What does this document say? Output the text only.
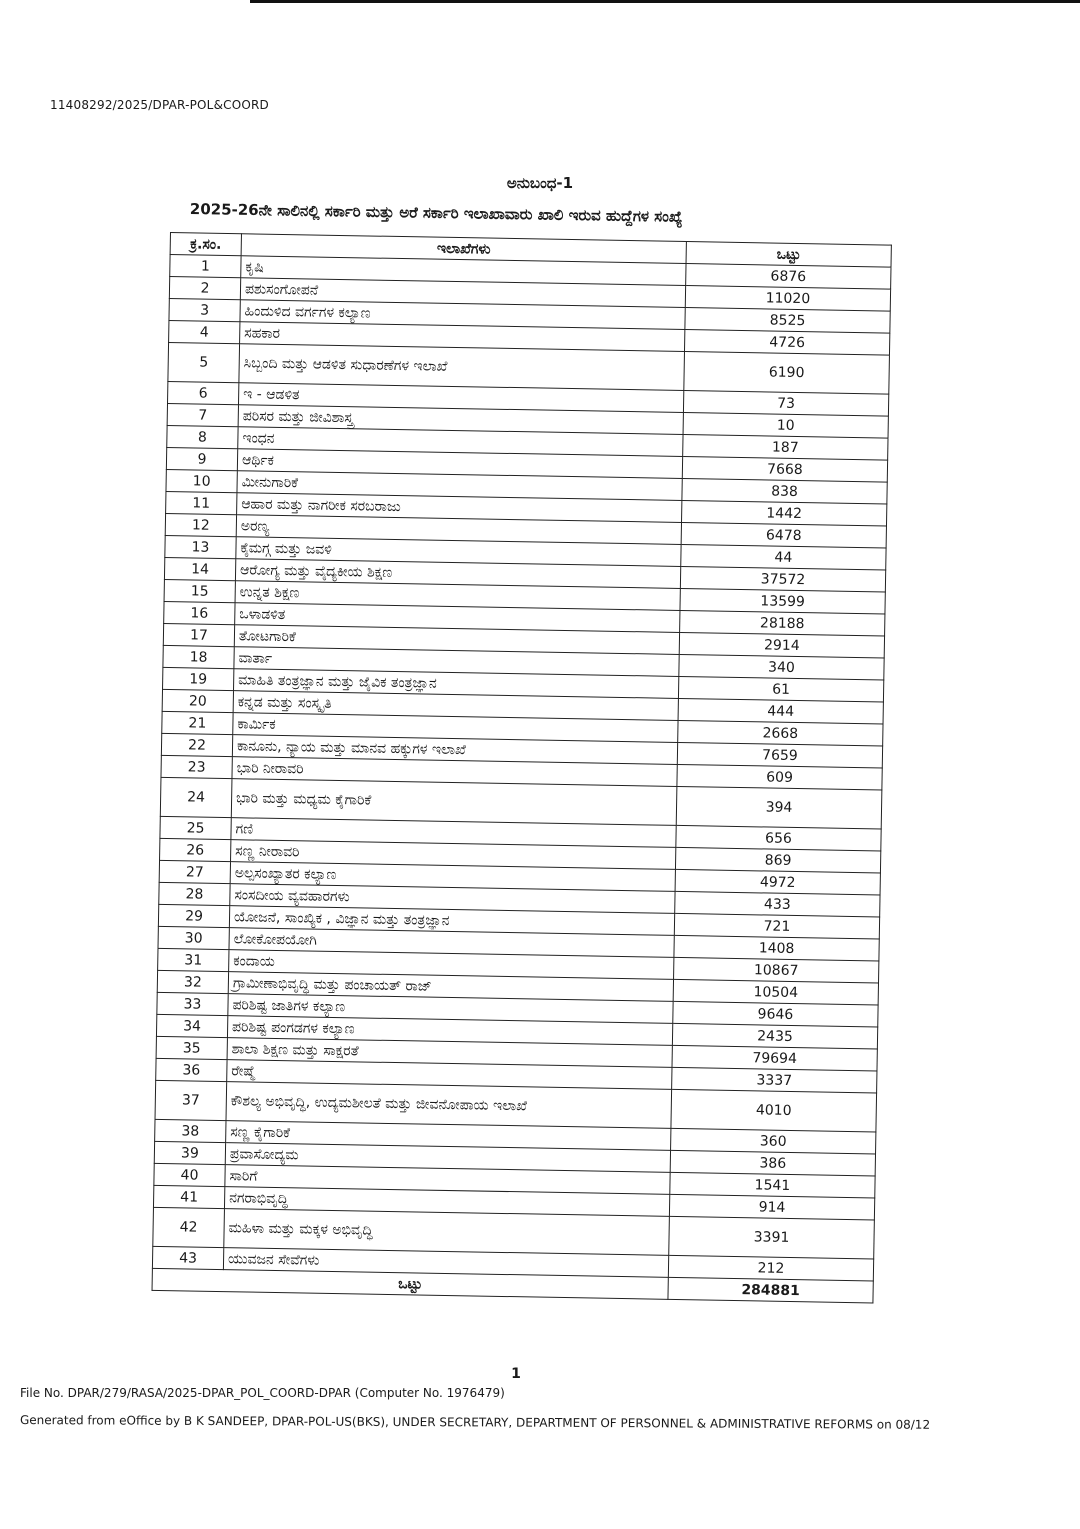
11408292/2025/DPAR-POL&COORD
ಅನುಬಂಧ-1
2025-26ನೇ ಸಾಲಿನಲ್ಲಿ ಸರ್ಕಾರಿ ಮತ್ತು ಅರೆ ಸರ್ಕಾರಿ ಇಲಾಖಾವಾರು ಖಾಲಿ ಇರುವ ಹುದ್ದೆಗಳ ಸಂಖ್ಯೆ
ಕ್ರ.ಸಂ.	ಇಲಾಖೆಗಳು	ಒಟ್ಟು
1	ಕೃಷಿ	6876
2	ಪಶುಸಂಗೋಪನೆ	11020
3	ಹಿಂದುಳಿದ ವರ್ಗಗಳ ಕಲ್ಯಾಣ	8525
4	ಸಹಕಾರ	4726
5	ಸಿಬ್ಬಂದಿ ಮತ್ತು ಆಡಳಿತ ಸುಧಾರಣೆಗಳ ಇಲಾಖೆ	6190
6	ಇ - ಆಡಳಿತ	73
7	ಪರಿಸರ ಮತ್ತು ಜೀವಿಶಾಸ್ತ್ರ	10
8	ಇಂಧನ	187
9	ಆರ್ಥಿಕ	7668
10	ಮೀನುಗಾರಿಕೆ	838
11	ಆಹಾರ ಮತ್ತು ನಾಗರೀಕ ಸರಬರಾಜು	1442
12	ಅರಣ್ಯ	6478
13	ಕೈಮಗ್ಗ ಮತ್ತು ಜವಳಿ	44
14	ಆರೋಗ್ಯ ಮತ್ತು ವೈದ್ಯಕೀಯ ಶಿಕ್ಷಣ	37572
15	ಉನ್ನತ ಶಿಕ್ಷಣ	13599
16	ಒಳಾಡಳಿತ	28188
17	ತೋಟಗಾರಿಕೆ	2914
18	ವಾರ್ತಾ	340
19	ಮಾಹಿತಿ ತಂತ್ರಜ್ಞಾನ ಮತ್ತು ಜೈವಿಕ ತಂತ್ರಜ್ಞಾನ	61
20	ಕನ್ನಡ ಮತ್ತು ಸಂಸ್ಕೃತಿ	444
21	ಕಾರ್ಮಿಕ	2668
22	ಕಾನೂನು, ನ್ಯಾಯ ಮತ್ತು ಮಾನವ ಹಕ್ಕುಗಳ ಇಲಾಖೆ	7659
23	ಭಾರಿ ನೀರಾವರಿ	609
24	ಭಾರಿ ಮತ್ತು ಮಧ್ಯಮ ಕೈಗಾರಿಕೆ	394
25	ಗಣಿ	656
26	ಸಣ್ಣ ನೀರಾವರಿ	869
27	ಅಲ್ಪಸಂಖ್ಯಾತರ ಕಲ್ಯಾಣ	4972
28	ಸಂಸದೀಯ ವ್ಯವಹಾರಗಳು	433
29	ಯೋಜನೆ, ಸಾಂಖ್ಯಿಕ , ವಿಜ್ಞಾನ ಮತ್ತು ತಂತ್ರಜ್ಞಾನ	721
30	ಲೋಕೋಪಯೋಗಿ	1408
31	ಕಂದಾಯ	10867
32	ಗ್ರಾಮೀಣಾಭಿವೃದ್ಧಿ ಮತ್ತು ಪಂಚಾಯತ್ ರಾಜ್	10504
33	ಪರಿಶಿಷ್ಟ ಜಾತಿಗಳ ಕಲ್ಯಾಣ	9646
34	ಪರಿಶಿಷ್ಟ ಪಂಗಡಗಳ ಕಲ್ಯಾಣ	2435
35	ಶಾಲಾ ಶಿಕ್ಷಣ ಮತ್ತು ಸಾಕ್ಷರತೆ	79694
36	ರೇಷ್ಮೆ	3337
37	ಕೌಶಲ್ಯ ಅಭಿವೃದ್ಧಿ, ಉದ್ಯಮಶೀಲತೆ ಮತ್ತು ಜೀವನೋಪಾಯ ಇಲಾಖೆ	4010
38	ಸಣ್ಣ ಕೈಗಾರಿಕೆ	360
39	ಪ್ರವಾಸೋದ್ಯಮ	386
40	ಸಾರಿಗೆ	1541
41	ನಗರಾಭಿವೃದ್ಧಿ	914
42	ಮಹಿಳಾ ಮತ್ತು ಮಕ್ಕಳ ಅಭಿವೃದ್ಧಿ	3391
43	ಯುವಜನ ಸೇವೆಗಳು	212
ಒಟ್ಟು		284881
1
File No. DPAR/279/RASA/2025-DPAR_POL_COORD-DPAR (Computer No. 1976479)
Generated from eOffice by B K SANDEEP, DPAR-POL-US(BKS), UNDER SECRETARY, DEPARTMENT OF PERSONNEL & ADMINISTRATIVE REFORMS on 08/12
